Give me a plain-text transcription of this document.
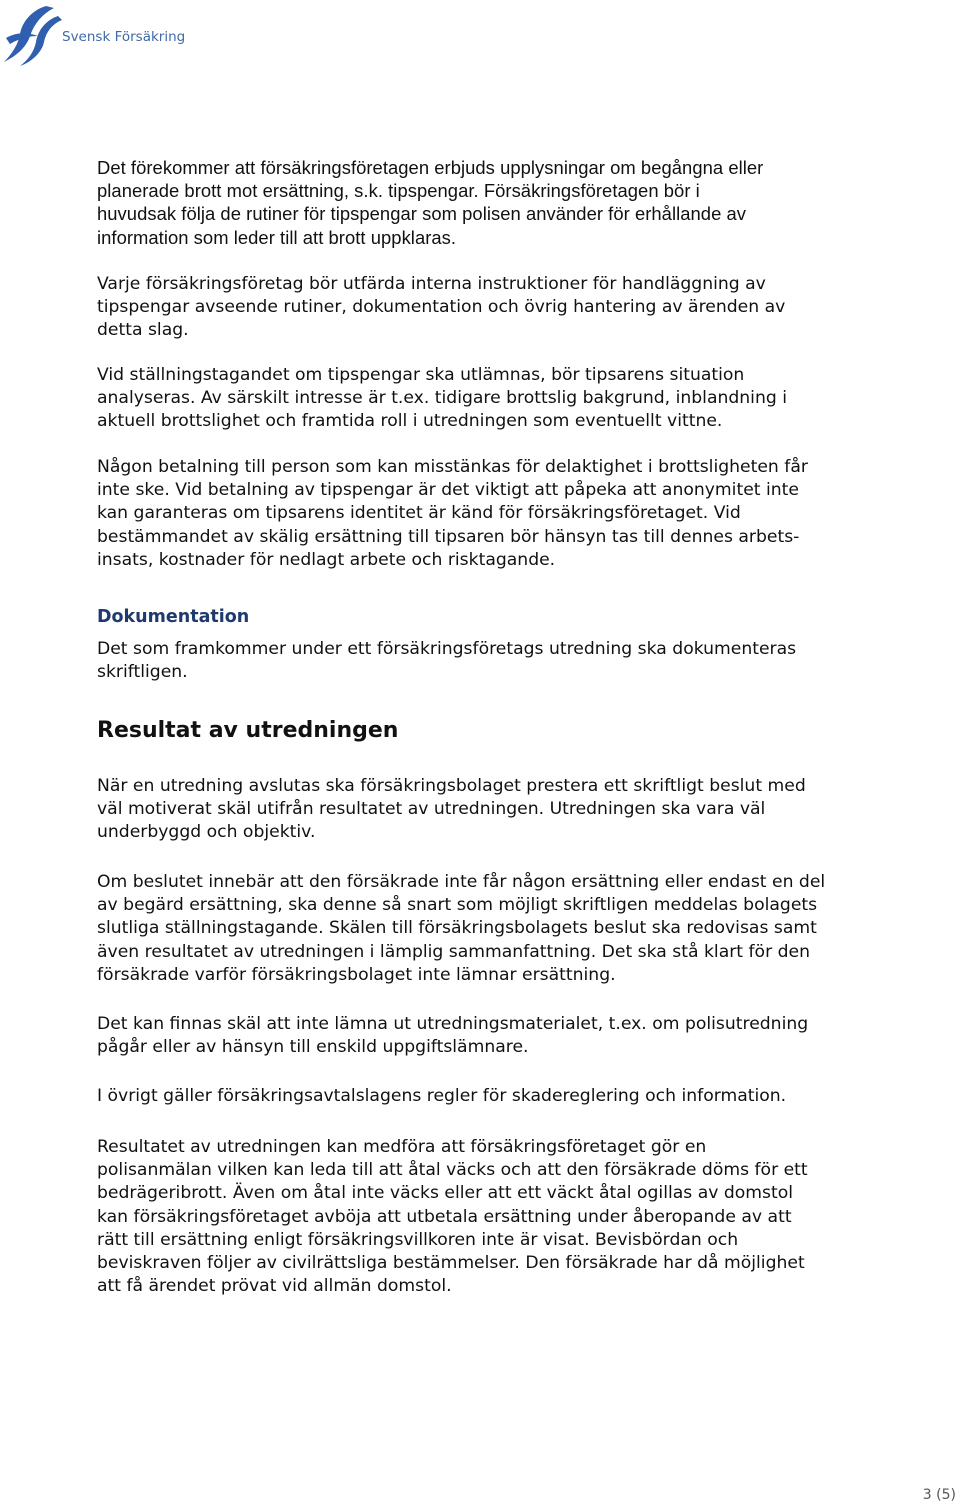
Svensk Försäkring

Det förekommer att försäkringsföretagen erbjuds upplysningar om begångna eller
planerade brott mot ersättning, s.k. tipspengar. Försäkringsföretagen bör i
huvudsak följa de rutiner för tipspengar som polisen använder för erhållande av
information som leder till att brott uppklaras.

Varje försäkringsföretag bör utfärda interna instruktioner för handläggning av
tipspengar avseende rutiner, dokumentation och övrig hantering av ärenden av
detta slag.

Vid ställningstagandet om tipspengar ska utlämnas, bör tipsarens situation
analyseras. Av särskilt intresse är t.ex. tidigare brottslig bakgrund, inblandning i
aktuell brottslighet och framtida roll i utredningen som eventuellt vittne.

Någon betalning till person som kan misstänkas för delaktighet i brottsligheten får
inte ske. Vid betalning av tipspengar är det viktigt att påpeka att anonymitet inte
kan garanteras om tipsarens identitet är känd för försäkringsföretaget. Vid
bestämmandet av skälig ersättning till tipsaren bör hänsyn tas till dennes arbets-
insats, kostnader för nedlagt arbete och risktagande.

Dokumentation

Det som framkommer under ett försäkringsföretags utredning ska dokumenteras
skriftligen.

Resultat av utredningen

När en utredning avslutas ska försäkringsbolaget prestera ett skriftligt beslut med
väl motiverat skäl utifrån resultatet av utredningen. Utredningen ska vara väl
underbyggd och objektiv.

Om beslutet innebär att den försäkrade inte får någon ersättning eller endast en del
av begärd ersättning, ska denne så snart som möjligt skriftligen meddelas bolagets
slutliga ställningstagande. Skälen till försäkringsbolagets beslut ska redovisas samt
även resultatet av utredningen i lämplig sammanfattning. Det ska stå klart för den
försäkrade varför försäkringsbolaget inte lämnar ersättning.

Det kan finnas skäl att inte lämna ut utredningsmaterialet, t.ex. om polisutredning
pågår eller av hänsyn till enskild uppgiftslämnare.

I övrigt gäller försäkringsavtalslagens regler för skadereglering och information.

Resultatet av utredningen kan medföra att försäkringsföretaget gör en
polisanmälan vilken kan leda till att åtal väcks och att den försäkrade döms för ett
bedrägeribrott. Även om åtal inte väcks eller att ett väckt åtal ogillas av domstol
kan försäkringsföretaget avböja att utbetala ersättning under åberopande av att
rätt till ersättning enligt försäkringsvillkoren inte är visat. Bevisbördan och
beviskraven följer av civilrättsliga bestämmelser. Den försäkrade har då möjlighet
att få ärendet prövat vid allmän domstol.

3 (5)
